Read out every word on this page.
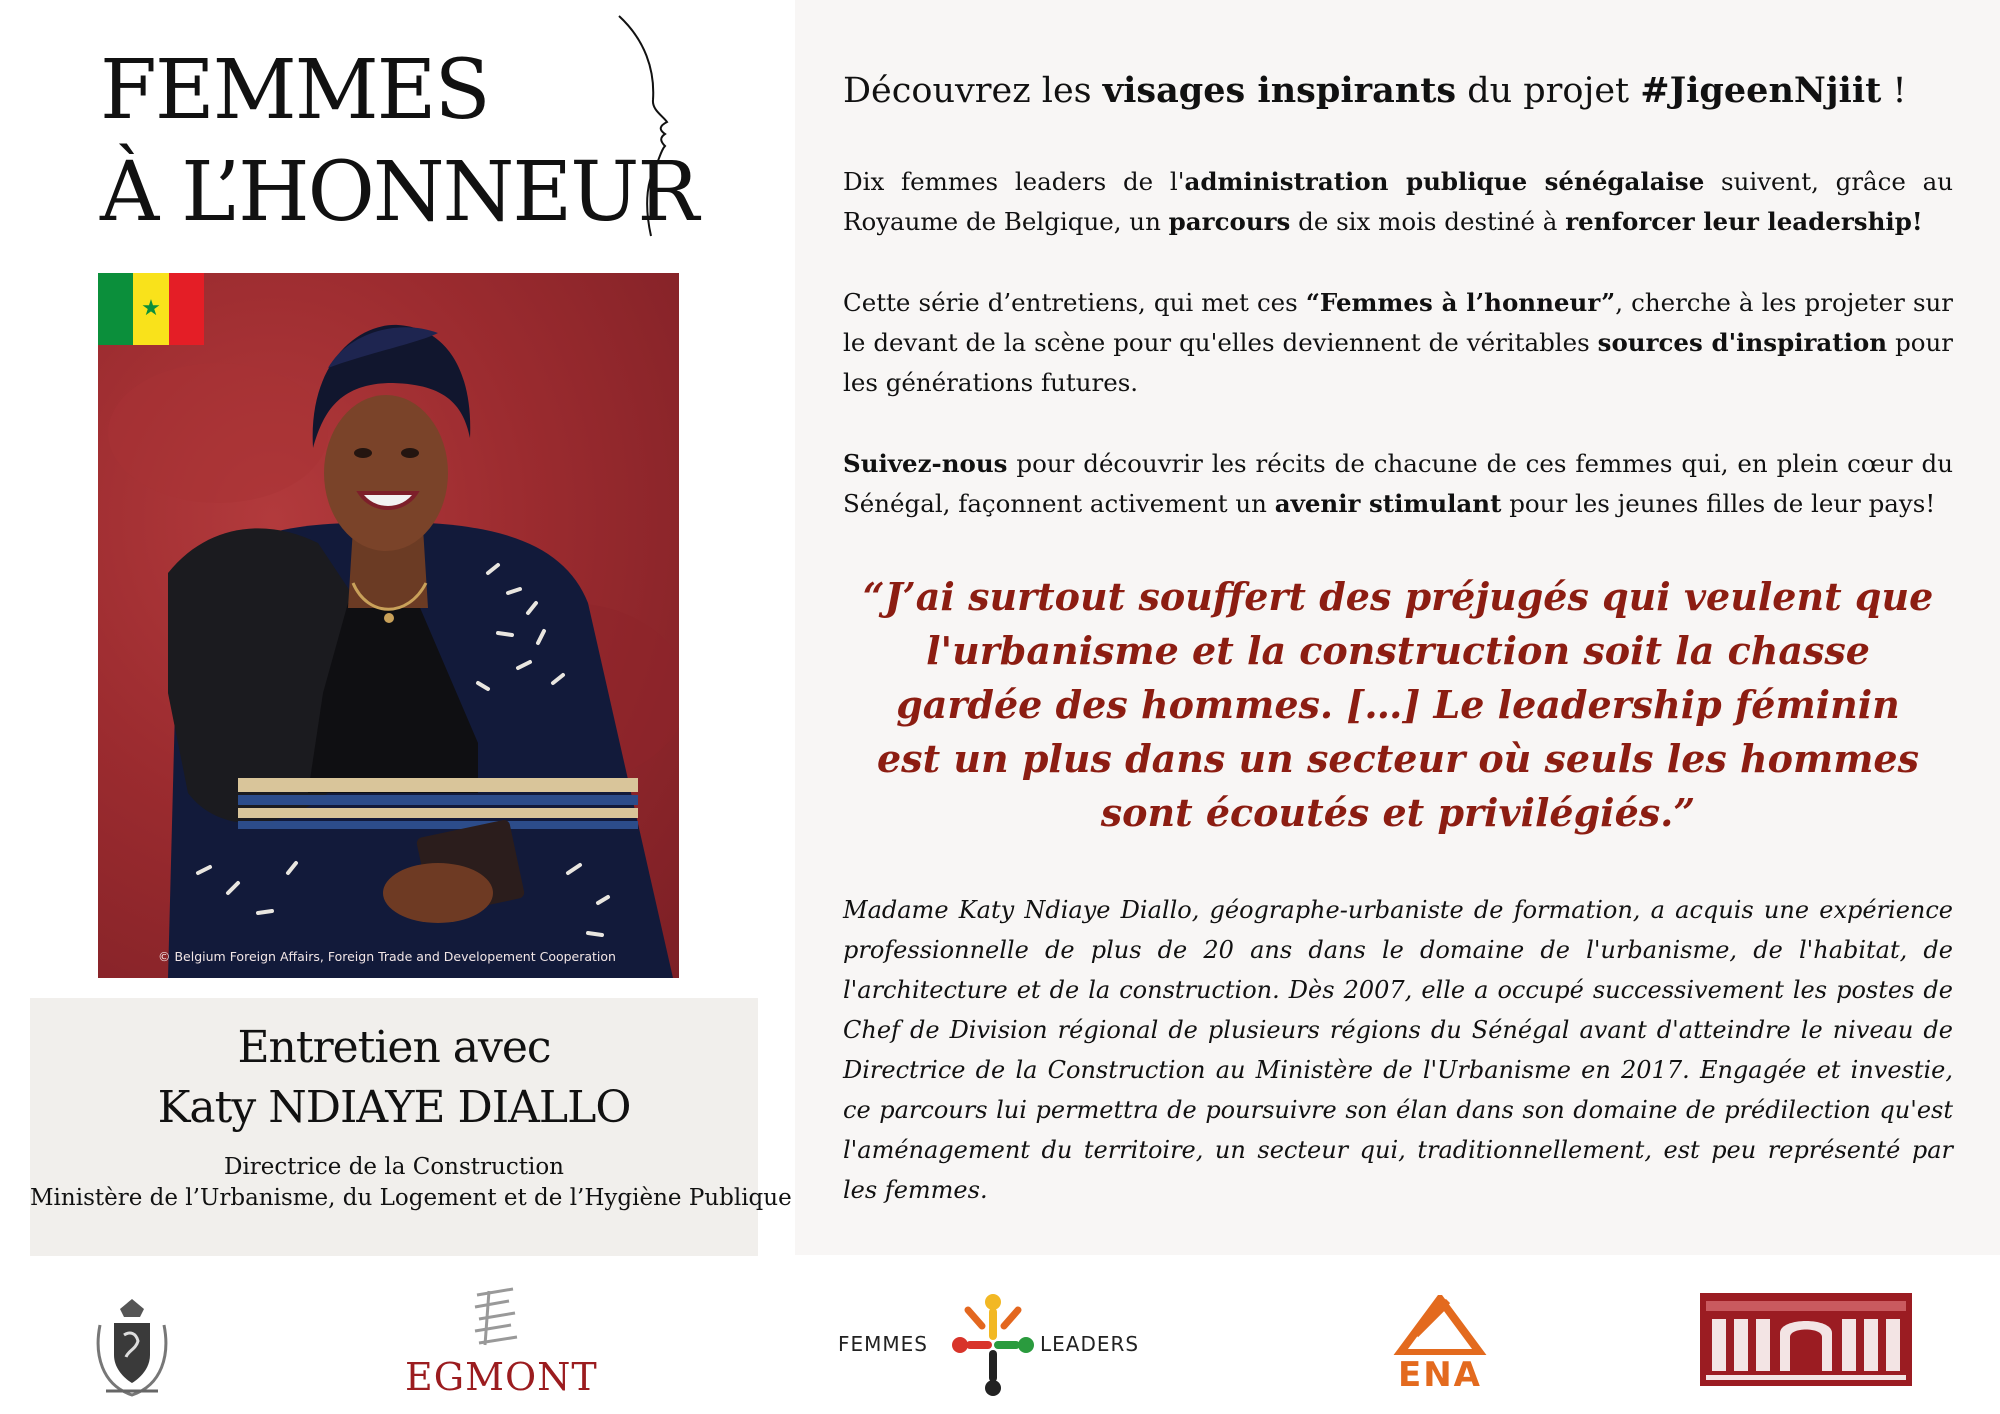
FEMMES
À L’HONNEUR
★
© Belgium Foreign Affairs, Foreign Trade and Developement Cooperation
Entretien avec
Katy NDIAYE DIALLO
Directrice de la Construction
Ministère de l’Urbanisme, du Logement et de l’Hygiène Publique
Découvrez les visages inspirants du projet #JigeenNjiit !

Dix femmes leaders de l'administration publique sénégalaise suivent, grâce au Royaume de Belgique, un parcours de six mois destiné à renforcer leur leadership!

Cette série d’entretiens, qui met ces “Femmes à l’honneur”, cherche à les projeter sur le devant de la scène pour qu'elles deviennent de véritables sources d'inspiration pour les générations futures.

Suivez-nous pour découvrir les récits de chacune de ces femmes qui, en plein cœur du Sénégal, façonnent activement un avenir stimulant pour les jeunes filles de leur pays!

“J’ai surtout souffert des préjugés qui veulent que
l'urbanisme et la construction soit la chasse
gardée des hommes. […] Le leadership féminin
est un plus dans un secteur où seuls les hommes
sont écoutés et privilégiés.”

Madame Katy Ndiaye Diallo, géographe-urbaniste de formation, a acquis une expérience professionnelle de plus de 20 ans dans le domaine de l'urbanisme, de l'habitat, de l'architecture et de la construction. Dès 2007, elle a occupé successivement les postes de Chef de Division régional de plusieurs régions du Sénégal avant d'atteindre le niveau de Directrice de la Construction au Ministère de l'Urbanisme en 2017. Engagée et investie, ce parcours lui permettra de poursuivre son élan dans son domaine de prédilection qu'est l'aménagement du territoire, un secteur qui, traditionnellement, est peu représenté par les femmes.

EGMONT
FEMMES	LEADERS
ENA
